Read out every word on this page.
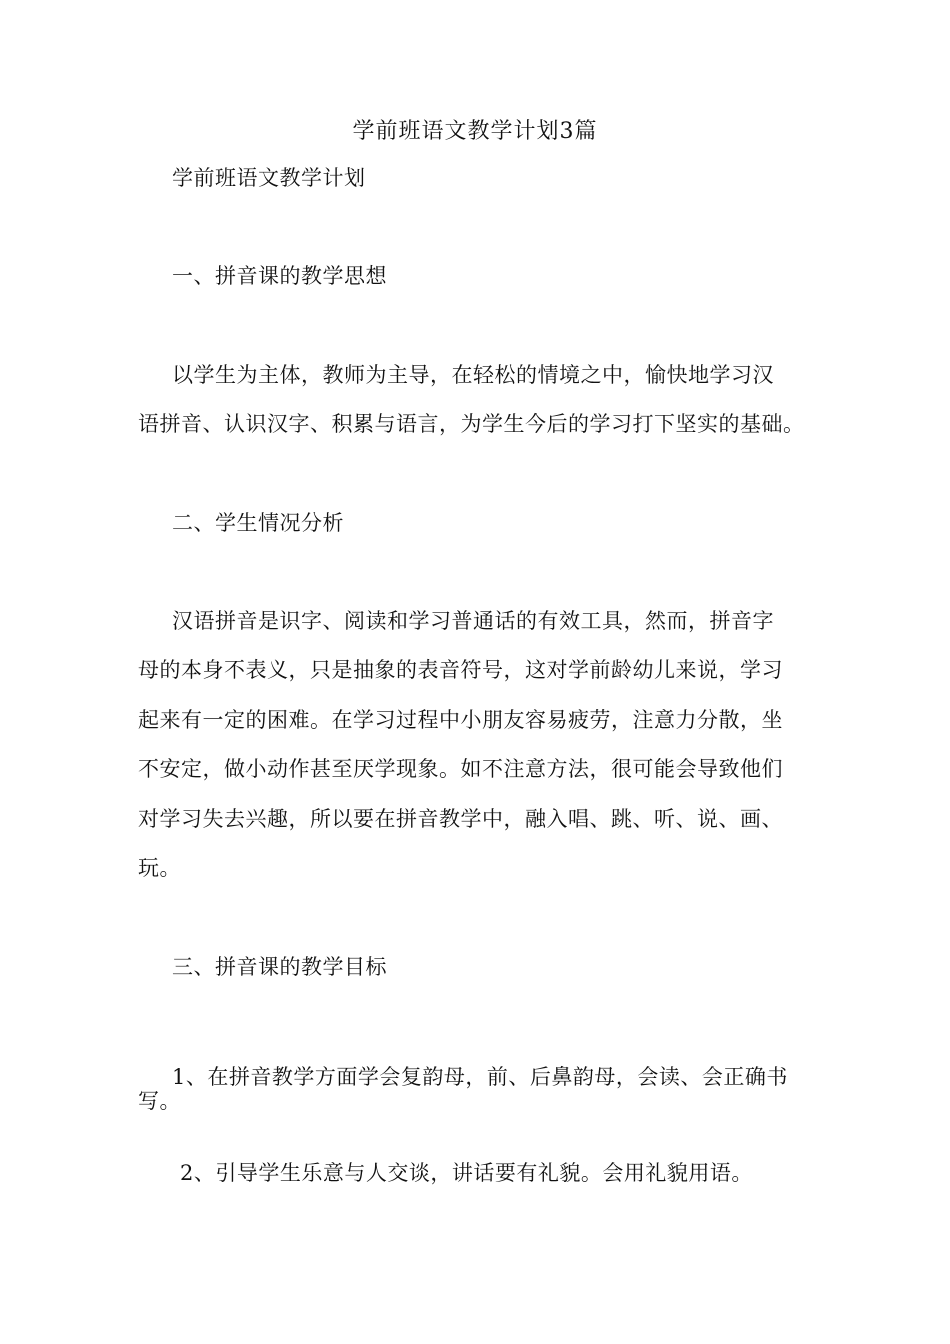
学前班语文教学计划3篇
学前班语文教学计划
一、拼音课的教学思想
以学生为主体，教师为主导，在轻松的情境之中，愉快地学习汉
语拼音、认识汉字、积累与语言，为学生今后的学习打下坚实的基础。
二、学生情况分析
汉语拼音是识字、阅读和学习普通话的有效工具，然而，拼音字
母的本身不表义，只是抽象的表音符号，这对学前龄幼儿来说，学习
起来有一定的困难。在学习过程中小朋友容易疲劳，注意力分散，坐
不安定，做小动作甚至厌学现象。如不注意方法，很可能会导致他们
对学习失去兴趣，所以要在拼音教学中，融入唱、跳、听、说、画、
玩。
三、拼音课的教学目标
1、在拼音教学方面学会复韵母，前、后鼻韵母，会读、会正确书
写。
2、引导学生乐意与人交谈，讲话要有礼貌。会用礼貌用语。
